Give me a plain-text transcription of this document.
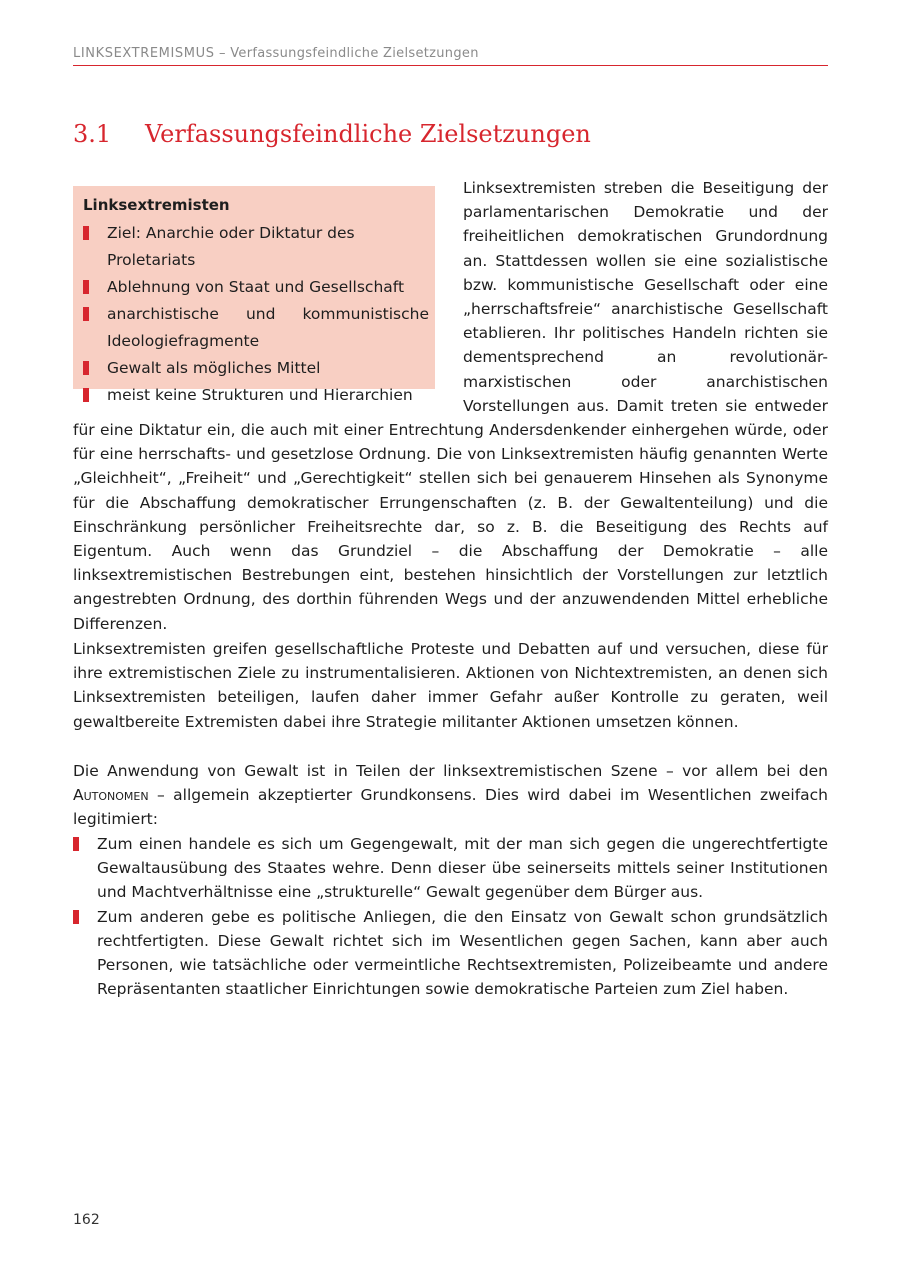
LINKSEXTREMISMUS – Verfassungsfeindliche Zielsetzungen
3.1 Verfassungsfeindliche Zielsetzungen
Linksextremisten streben die Beseitigung der parlamentarischen Demokratie und der freiheitlichen demokratischen Grundordnung an. Stattdessen wollen sie eine sozialistische bzw. kommunistische Gesellschaft oder eine „herrschaftsfreie“ anarchistische Gesellschaft etablieren. Ihr politisches Handeln richten sie dementsprechend an revolutionär-marxistischen oder anarchistischen Vorstellungen aus. Damit treten sie entweder für eine Diktatur ein, die auch mit einer Entrechtung Andersdenkender einhergehen würde, oder für eine herrschafts- und gesetzlose Ordnung. Die von Linksextremisten häufig genannten Werte „Gleichheit“, „Freiheit“ und „Gerechtigkeit“ stellen sich bei genauerem Hinsehen als Synonyme für die Abschaffung demokratischer Errungenschaften (z. B. der Gewaltenteilung) und die Einschränkung persönlicher Freiheitsrechte dar, so z. B. die Beseitigung des Rechts auf Eigentum. Auch wenn das Grundziel – die Abschaffung der Demokratie – alle linksextremistischen Bestrebungen eint, bestehen hinsichtlich der Vorstellungen zur letztlich angestrebten Ordnung, des dorthin führenden Wegs und der anzuwendenden Mittel erhebliche Differenzen.
Linksextremisten
Ziel: Anarchie oder Diktatur des Proletariats
Ablehnung von Staat und Gesellschaft
anarchistische und kommunistische Ideologiefragmente
Gewalt als mögliches Mittel
meist keine Strukturen und Hierarchien
Linksextremisten greifen gesellschaftliche Proteste und Debatten auf und versuchen, diese für ihre extremistischen Ziele zu instrumentalisieren. Aktionen von Nichtextremisten, an denen sich Linksextremisten beteiligen, laufen daher immer Gefahr außer Kontrolle zu geraten, weil gewaltbereite Extremisten dabei ihre Strategie militanter Aktionen umsetzen können.
Die Anwendung von Gewalt ist in Teilen der linksextremistischen Szene – vor allem bei den Autonomen – allgemein akzeptierter Grundkonsens. Dies wird dabei im Wesentlichen zweifach legitimiert:
Zum einen handele es sich um Gegengewalt, mit der man sich gegen die ungerechtfertigte Gewaltausübung des Staates wehre. Denn dieser übe seinerseits mittels seiner Institutionen und Machtverhältnisse eine „strukturelle“ Gewalt gegenüber dem Bürger aus.
Zum anderen gebe es politische Anliegen, die den Einsatz von Gewalt schon grundsätzlich rechtfertigten. Diese Gewalt richtet sich im Wesentlichen gegen Sachen, kann aber auch Personen, wie tatsächliche oder vermeintliche Rechtsextremisten, Polizeibeamte und andere Repräsentanten staatlicher Einrichtungen sowie demokratische Parteien zum Ziel haben.
162
